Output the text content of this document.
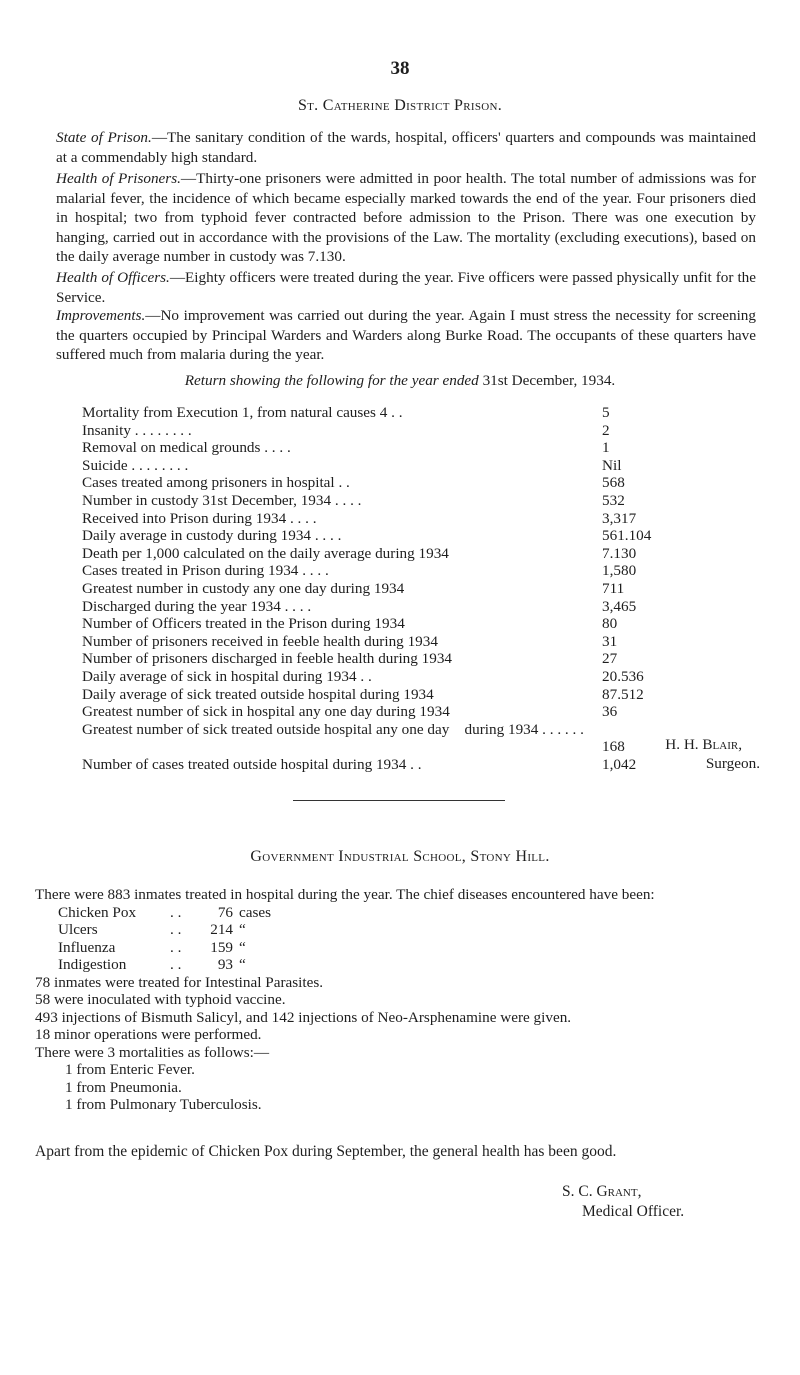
38
St. Catherine District Prison.

State of Prison.—The sanitary condition of the wards, hospital, officers' quarters and compounds was maintained at a commendably high standard.

Health of Prisoners.—Thirty-one prisoners were admitted in poor health. The total number of admissions was for malarial fever, the incidence of which became especially marked towards the end of the year. Four prisoners died in hospital; two from typhoid fever contracted before admission to the Prison. There was one execution by hanging, carried out in accordance with the provisions of the Law. The mortality (excluding executions), based on the daily average number in custody was 7.130.

Health of Officers.—Eighty officers were treated during the year. Five officers were passed physically unfit for the Service.

Improvements.—No improvement was carried out during the year. Again I must stress the necessity for screening the quarters occupied by Principal Warders and Warders along Burke Road. The occupants of these quarters have suffered much from malaria during the year.

Return showing the following for the year ended 31st December, 1934.
Mortality from Execution 1, from natural causes 4 . .	5
Insanity . . . . . . . .	2
Removal on medical grounds . . . .	1
Suicide . . . . . . . .	Nil
Cases treated among prisoners in hospital . .	568
Number in custody 31st December, 1934 . . . .	532
Received into Prison during 1934 . . . .	3,317
Daily average in custody during 1934 . . . .	561.104
Death per 1,000 calculated on the daily average during 1934	7.130
Cases treated in Prison during 1934 . . . .	1,580
Greatest number in custody any one day during 1934	711
Discharged during the year 1934 . . . .	3,465
Number of Officers treated in the Prison during 1934	80
Number of prisoners received in feeble health during 1934	31
Number of prisoners discharged in feeble health during 1934	27
Daily average of sick in hospital during 1934 . .	20.536
Daily average of sick treated outside hospital during 1934	87.512
Greatest number of sick in hospital any one day during 1934	36
Greatest number of sick treated outside hospital any one day    during 1934 . . . . . .
168
Number of cases treated outside hospital during 1934 . .	1,042
H. H. Blair,
Surgeon.
Government Industrial School, Stony Hill.
There were 883 inmates treated in hospital during the year. The chief diseases encountered have been:
Chicken Pox . . 76 cases
Ulcers	. . 214 “
Influenza	. . 159 “
Indigestion	. . 93 “
78 inmates were treated for Intestinal Parasites.
58 were inoculated with typhoid vaccine.
493 injections of Bismuth Salicyl, and 142 injections of Neo-Arsphenamine were given.
18 minor operations were performed.
There were 3 mortalities as follows:—
1 from Enteric Fever.
1 from Pneumonia.
1 from Pulmonary Tuberculosis.
Apart from the epidemic of Chicken Pox during September, the general health has been good.
S. C. Grant,
Medical Officer.
